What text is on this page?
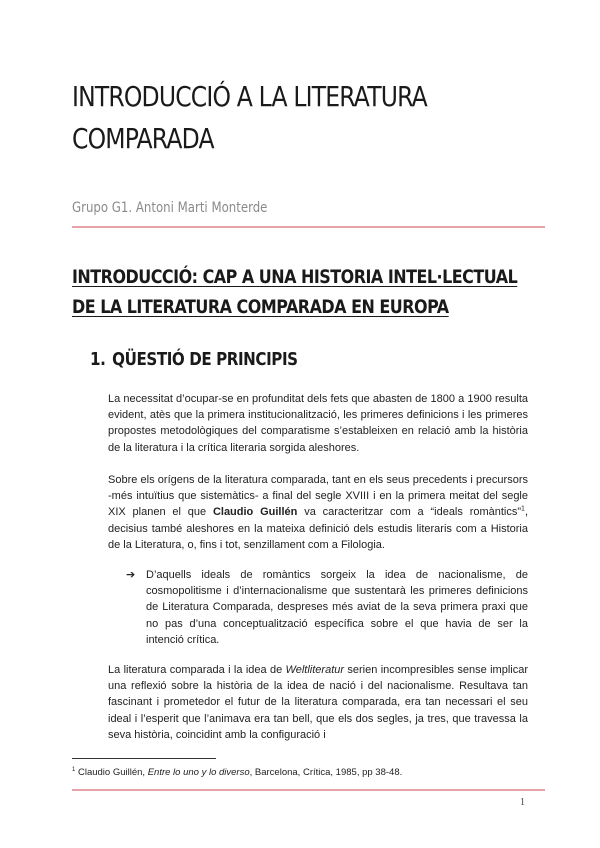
INTRODUCCIÓ A LA LITERATURA COMPARADA
Grupo G1. Antoni Marti Monterde
INTRODUCCIÓ: CAP A UNA HISTORIA INTEL·LECTUAL DE LA LITERATURA COMPARADA EN EUROPA
1. QÜESTIÓ DE PRINCIPIS

La necessitat d’ocupar-se en profunditat dels fets que abasten de 1800 a 1900 resulta evident, atès que la primera institucionalització, les primeres definicions i les primeres propostes metodològiques del comparatisme s’estableixen en relació amb la història de la literatura i la crítica literaria sorgida aleshores.

Sobre els orígens de la literatura comparada, tant en els seus precedents i precursors -més intuïtius que sistemàtics- a final del segle XVIII i en la primera meitat del segle XIX planen el que Claudio Guillén va caracteritzar com a “ideals romàntics”$^1$, decisius també aleshores en la mateixa definició dels estudis literaris com a Historia de la Literatura, o, fins i tot, senzillament com a Filologia.

➔ D’aquells ideals de romàntics sorgeix la idea de nacionalisme, de cosmopolitisme i d’internacionalisme que sustentarà les primeres definicions de Literatura Comparada, despreses més aviat de la seva primera praxi que no pas d’una conceptualització específica sobre el que havia de ser la intenció crítica.

La literatura comparada i la idea de Weltliteratur serien incompresibles sense implicar una reflexió sobre la història de la idea de nació i del nacionalisme. Resultava tan fascinant i prometedor el futur de la literatura comparada, era tan necessari el seu ideal i l’esperit que l’animava era tan bell, que els dos segles, ja tres, que travessa la seva història, coincidint amb la configuració i

$^1$ Claudio Guillén, Entre lo uno y lo diverso, Barcelona, Crítica, 1985, pp 38-48.
1
